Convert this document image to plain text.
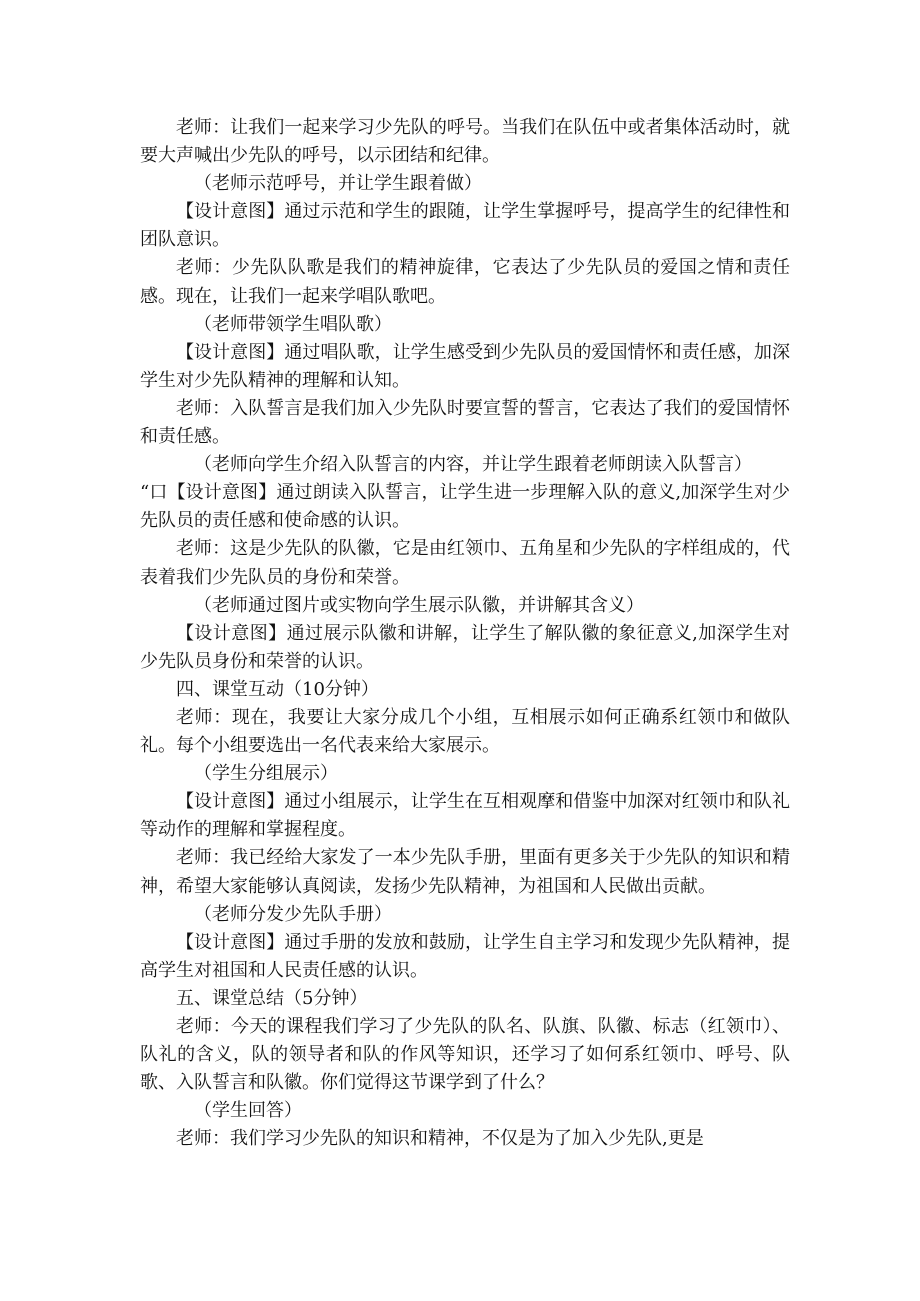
老师：让我们一起来学习少先队的呼号。当我们在队伍中或者集体活动时，就要大声喊出少先队的呼号，以示团结和纪律。

（老师示范呼号，并让学生跟着做）

【设计意图】通过示范和学生的跟随，让学生掌握呼号，提高学生的纪律性和团队意识。

老师：少先队队歌是我们的精神旋律，它表达了少先队员的爱国之情和责任感。现在，让我们一起来学唱队歌吧。

（老师带领学生唱队歌）

【设计意图】通过唱队歌，让学生感受到少先队员的爱国情怀和责任感，加深学生对少先队精神的理解和认知。

老师：入队誓言是我们加入少先队时要宣誓的誓言，它表达了我们的爱国情怀和责任感。

（老师向学生介绍入队誓言的内容，并让学生跟着老师朗读入队誓言）

“口【设计意图】通过朗读入队誓言，让学生进一步理解入队的意义,加深学生对少先队员的责任感和使命感的认识。

老师：这是少先队的队徽，它是由红领巾、五角星和少先队的字样组成的，代表着我们少先队员的身份和荣誉。

（老师通过图片或实物向学生展示队徽，并讲解其含义）

【设计意图】通过展示队徽和讲解，让学生了解队徽的象征意义,加深学生对少先队员身份和荣誉的认识。

四、课堂互动（10分钟）

老师：现在，我要让大家分成几个小组，互相展示如何正确系红领巾和做队礼。每个小组要选出一名代表来给大家展示。

（学生分组展示）

【设计意图】通过小组展示，让学生在互相观摩和借鉴中加深对红领巾和队礼等动作的理解和掌握程度。

老师：我已经给大家发了一本少先队手册，里面有更多关于少先队的知识和精神，希望大家能够认真阅读，发扬少先队精神，为祖国和人民做出贡献。

（老师分发少先队手册）

【设计意图】通过手册的发放和鼓励，让学生自主学习和发现少先队精神，提高学生对祖国和人民责任感的认识。

五、课堂总结（5分钟）

老师：今天的课程我们学习了少先队的队名、队旗、队徽、标志（红领巾）、队礼的含义，队的领导者和队的作风等知识，还学习了如何系红领巾、呼号、队歌、入队誓言和队徽。你们觉得这节课学到了什么？

（学生回答）

老师：我们学习少先队的知识和精神，不仅是为了加入少先队,更是
